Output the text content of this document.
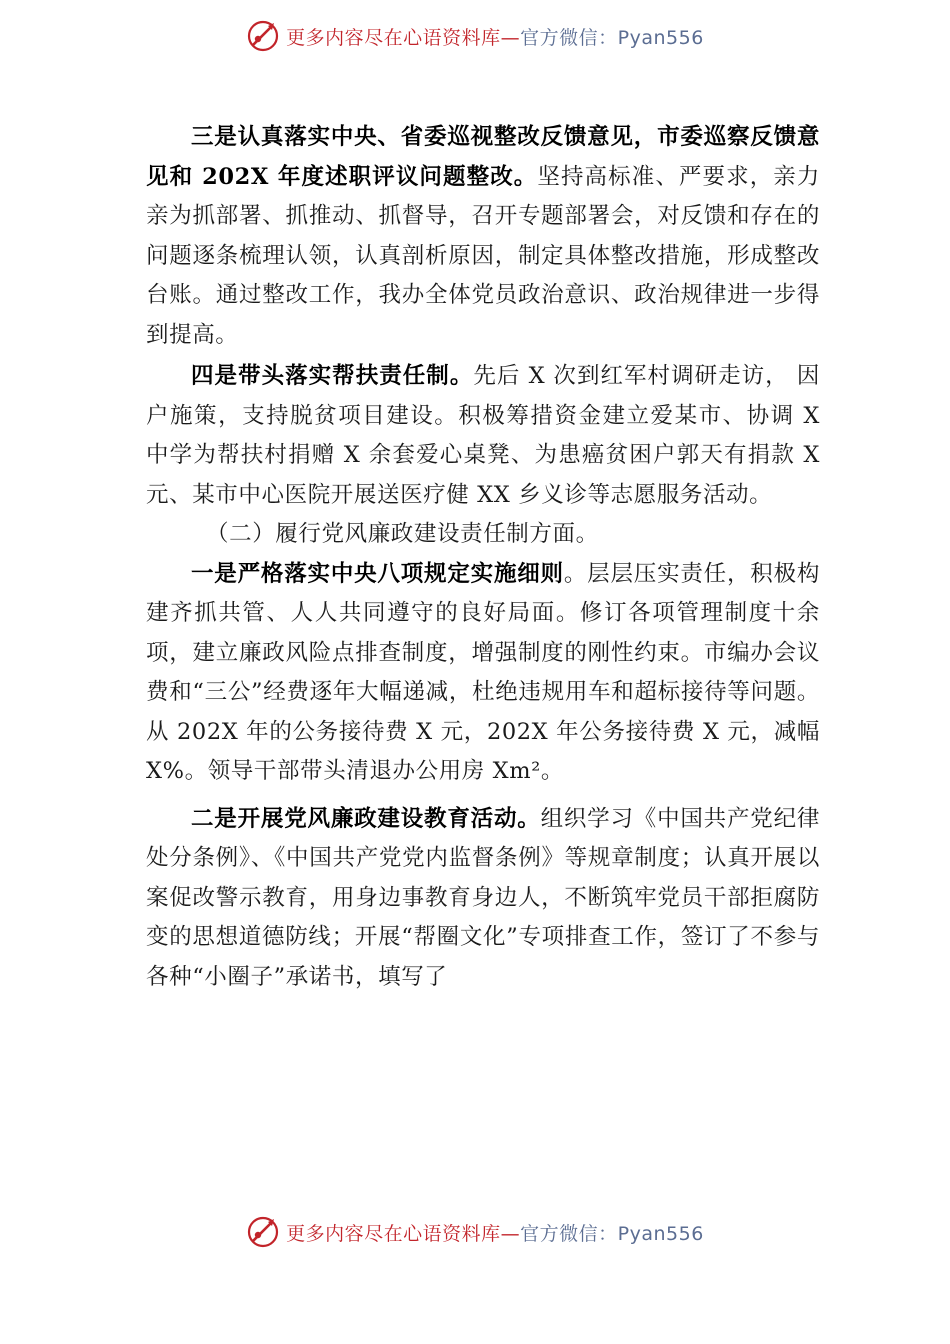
更多内容尽在心语资料库—官方微信：Pyan556

三是认真落实中央、省委巡视整改反馈意见，市委巡察反馈意见和 202X 年度述职评议问题整改。坚持高标准、严要求，亲力亲为抓部署、抓推动、抓督导，召开专题部署会，对反馈和存在的问题逐条梳理认领，认真剖析原因，制定具体整改措施，形成整改台账。通过整改工作，我办全体党员政治意识、政治规律进一步得到提高。

四是带头落实帮扶责任制。先后 X 次到红军村调研走访， 因户施策，支持脱贫项目建设。积极筹措资金建立爱某市、协调 X 中学为帮扶村捐赠 X 余套爱心桌凳、为患癌贫困户郭天有捐款 X 元、某市中心医院开展送医疗健 XX 乡义诊等志愿服务活动。

（二）履行党风廉政建设责任制方面。

一是严格落实中央八项规定实施细则。层层压实责任，积极构建齐抓共管、人人共同遵守的良好局面。修订各项管理制度十余项，建立廉政风险点排查制度，增强制度的刚性约束。市编办会议费和“三公”经费逐年大幅递减，杜绝违规用车和超标接待等问题。从 202X 年的公务接待费 X 元，202X 年公务接待费 X 元，减幅 X%。领导干部带头清退办公用房 Xm²。

二是开展党风廉政建设教育活动。组织学习《中国共产党纪律处分条例》、《中国共产党党内监督条例》等规章制度；认真开展以案促改警示教育，用身边事教育身边人，不断筑牢党员干部拒腐防变的思想道德防线；开展“帮圈文化”专项排查工作，签订了不参与各种“小圈子”承诺书，填写了

更多内容尽在心语资料库—官方微信：Pyan556
